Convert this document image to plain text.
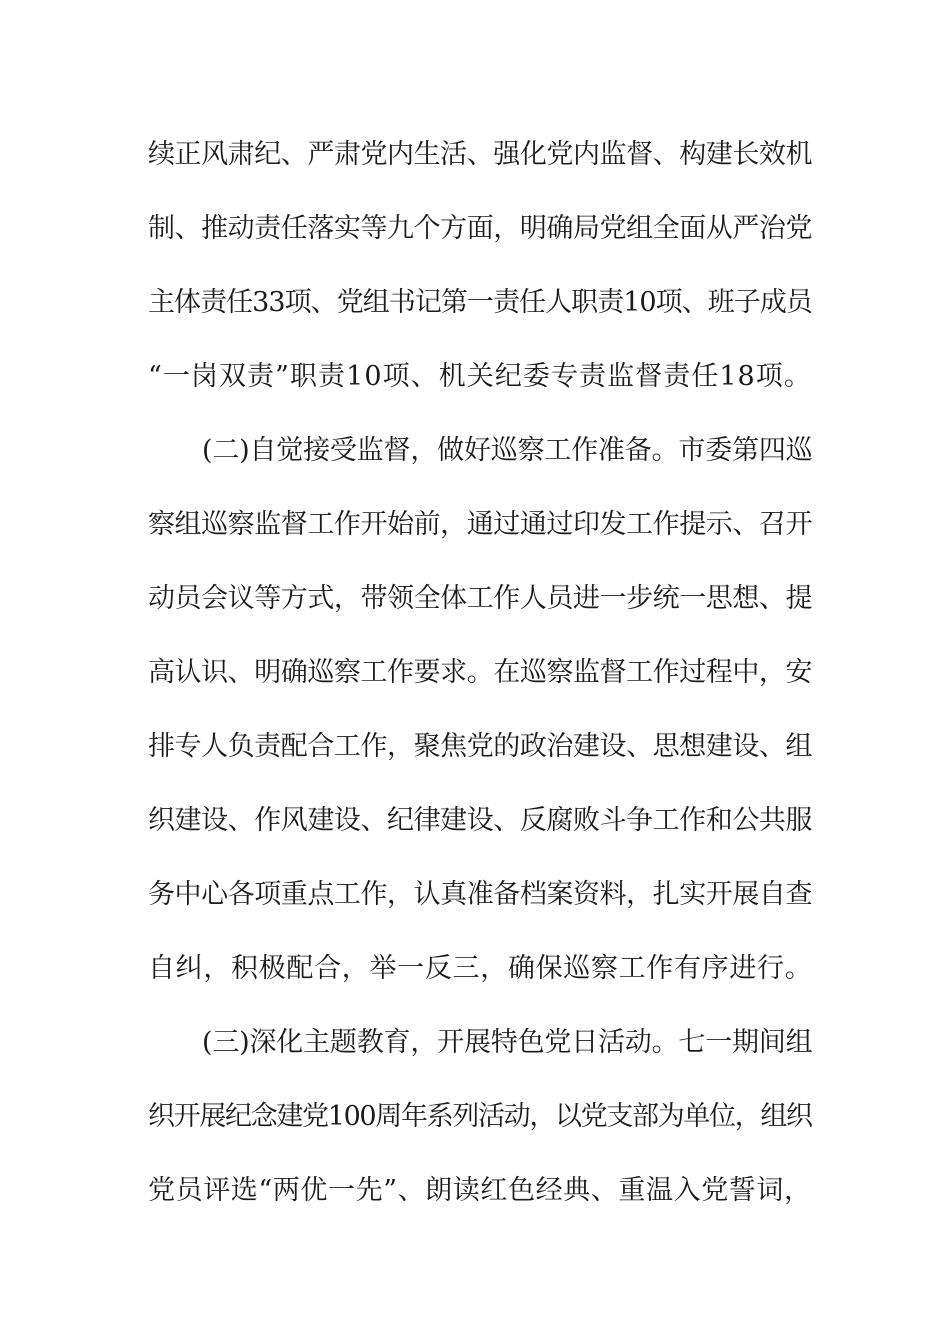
续正风肃纪、严肃党内生活、强化党内监督、构建长效机

制、推动责任落实等九个方面，明确局党组全面从严治党

主体责任33项、党组书记第一责任人职责10项、班子成员

“一岗双责”职责10项、机关纪委专责监督责任18项。

(二)自觉接受监督，做好巡察工作准备。市委第四巡

察组巡察监督工作开始前，通过通过印发工作提示、召开

动员会议等方式，带领全体工作人员进一步统一思想、提

高认识、明确巡察工作要求。在巡察监督工作过程中，安

排专人负责配合工作，聚焦党的政治建设、思想建设、组

织建设、作风建设、纪律建设、反腐败斗争工作和公共服

务中心各项重点工作，认真准备档案资料，扎实开展自查

自纠，积极配合，举一反三，确保巡察工作有序进行。

(三)深化主题教育，开展特色党日活动。七一期间组

织开展纪念建党100周年系列活动，以党支部为单位，组织

党员评选“两优一先”、朗读红色经典、重温入党誓词，
